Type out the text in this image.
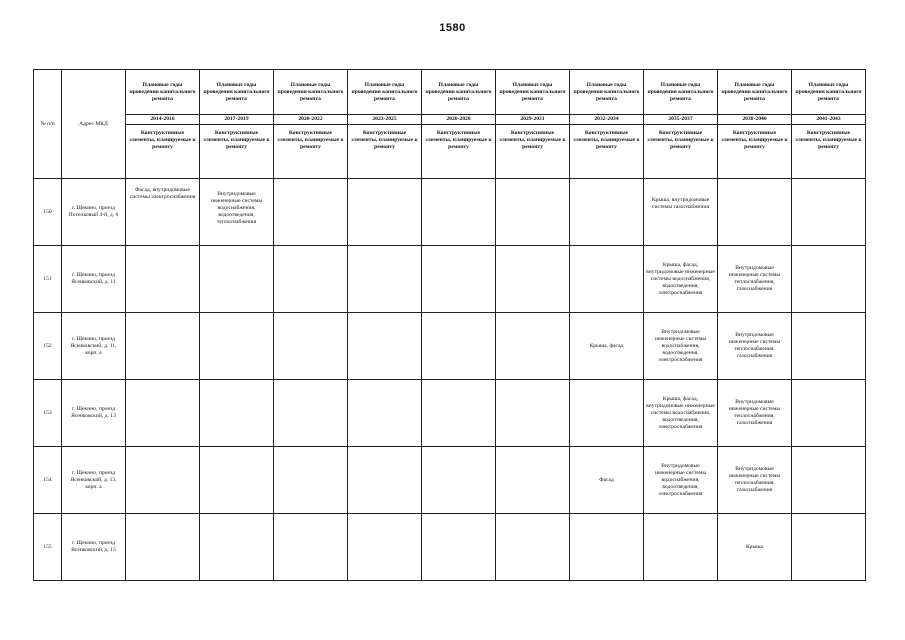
1580
№ п/п	Адрес МКД	Плановые годы проведения капитального ремонта	Плановые годы проведения капитального ремонта	Плановые годы проведения капитального ремонта	Плановые годы проведения капитального ремонта	Плановые годы проведения капитального ремонта	Плановые годы проведения капитального ремонта	Плановые годы проведения капитального ремонта	Плановые годы проведения капитального ремонта	Плановые годы проведения капитального ремонта	Плановые годы проведения капитального ремонта
		2014-2016	2017-2019	2020-2022	2023-2025	2026-2028	2029-2031	2032-2034	2035-2037	2038-2040	2041-2043
		Конструктивные элементы, планируемые к ремонту	Конструктивные элементы, планируемые к ремонту	Конструктивные элементы, планируемые к ремонту	Конструктивные элементы, планируемые к ремонту	Конструктивные элементы, планируемые к ремонту	Конструктивные элементы, планируемые к ремонту	Конструктивные элементы, планируемые к ремонту	Конструктивные элементы, планируемые к ремонту	Конструктивные элементы, планируемые к ремонту	Конструктивные элементы, планируемые к ремонту
150	г. Щекино, проезд Поселковый 4-й, д. 6	Фасад, внутридомовые системы электроснабжения	Внутридомовые инженерные системы водоснабжения, водоотведения, теплоснабжения						Крыша, внутридомовые системы газоснабжения		
151	г. Щекино, проезд Ясенковский, д. 11								Крыша, фасад, внутридомовые инженерные системы водоснабжения, водоотведения, электроснабжения	Внутридомовые инженерные системы теплоснабжения, газоснабжения	
152	г. Щекино, проезд Ясенковский, д. 11, корп. а							Крыша, фасад	Внутридомовые инженерные системы водоснабжения, водоотведения, электроснабжения	Внутридомовые инженерные системы теплоснабжения, газоснабжения	
153	г. Щекино, проезд Ясенковский, д. 13								Крыша, фасад, внутридомовые инженерные системы водоснабжения, водоотведения, электроснабжения	Внутридомовые инженерные системы теплоснабжения, газоснабжения	
154	г. Щекино, проезд Ясенковский, д. 13, корп. а							Фасад	Внутридомовые инженерные системы водоснабжения, водоотведения, электроснабжения	Внутридомовые инженерные системы теплоснабжения, газоснабжения	
155	г. Щекино, проезд Ясенковский, д. 15									Крыша	
